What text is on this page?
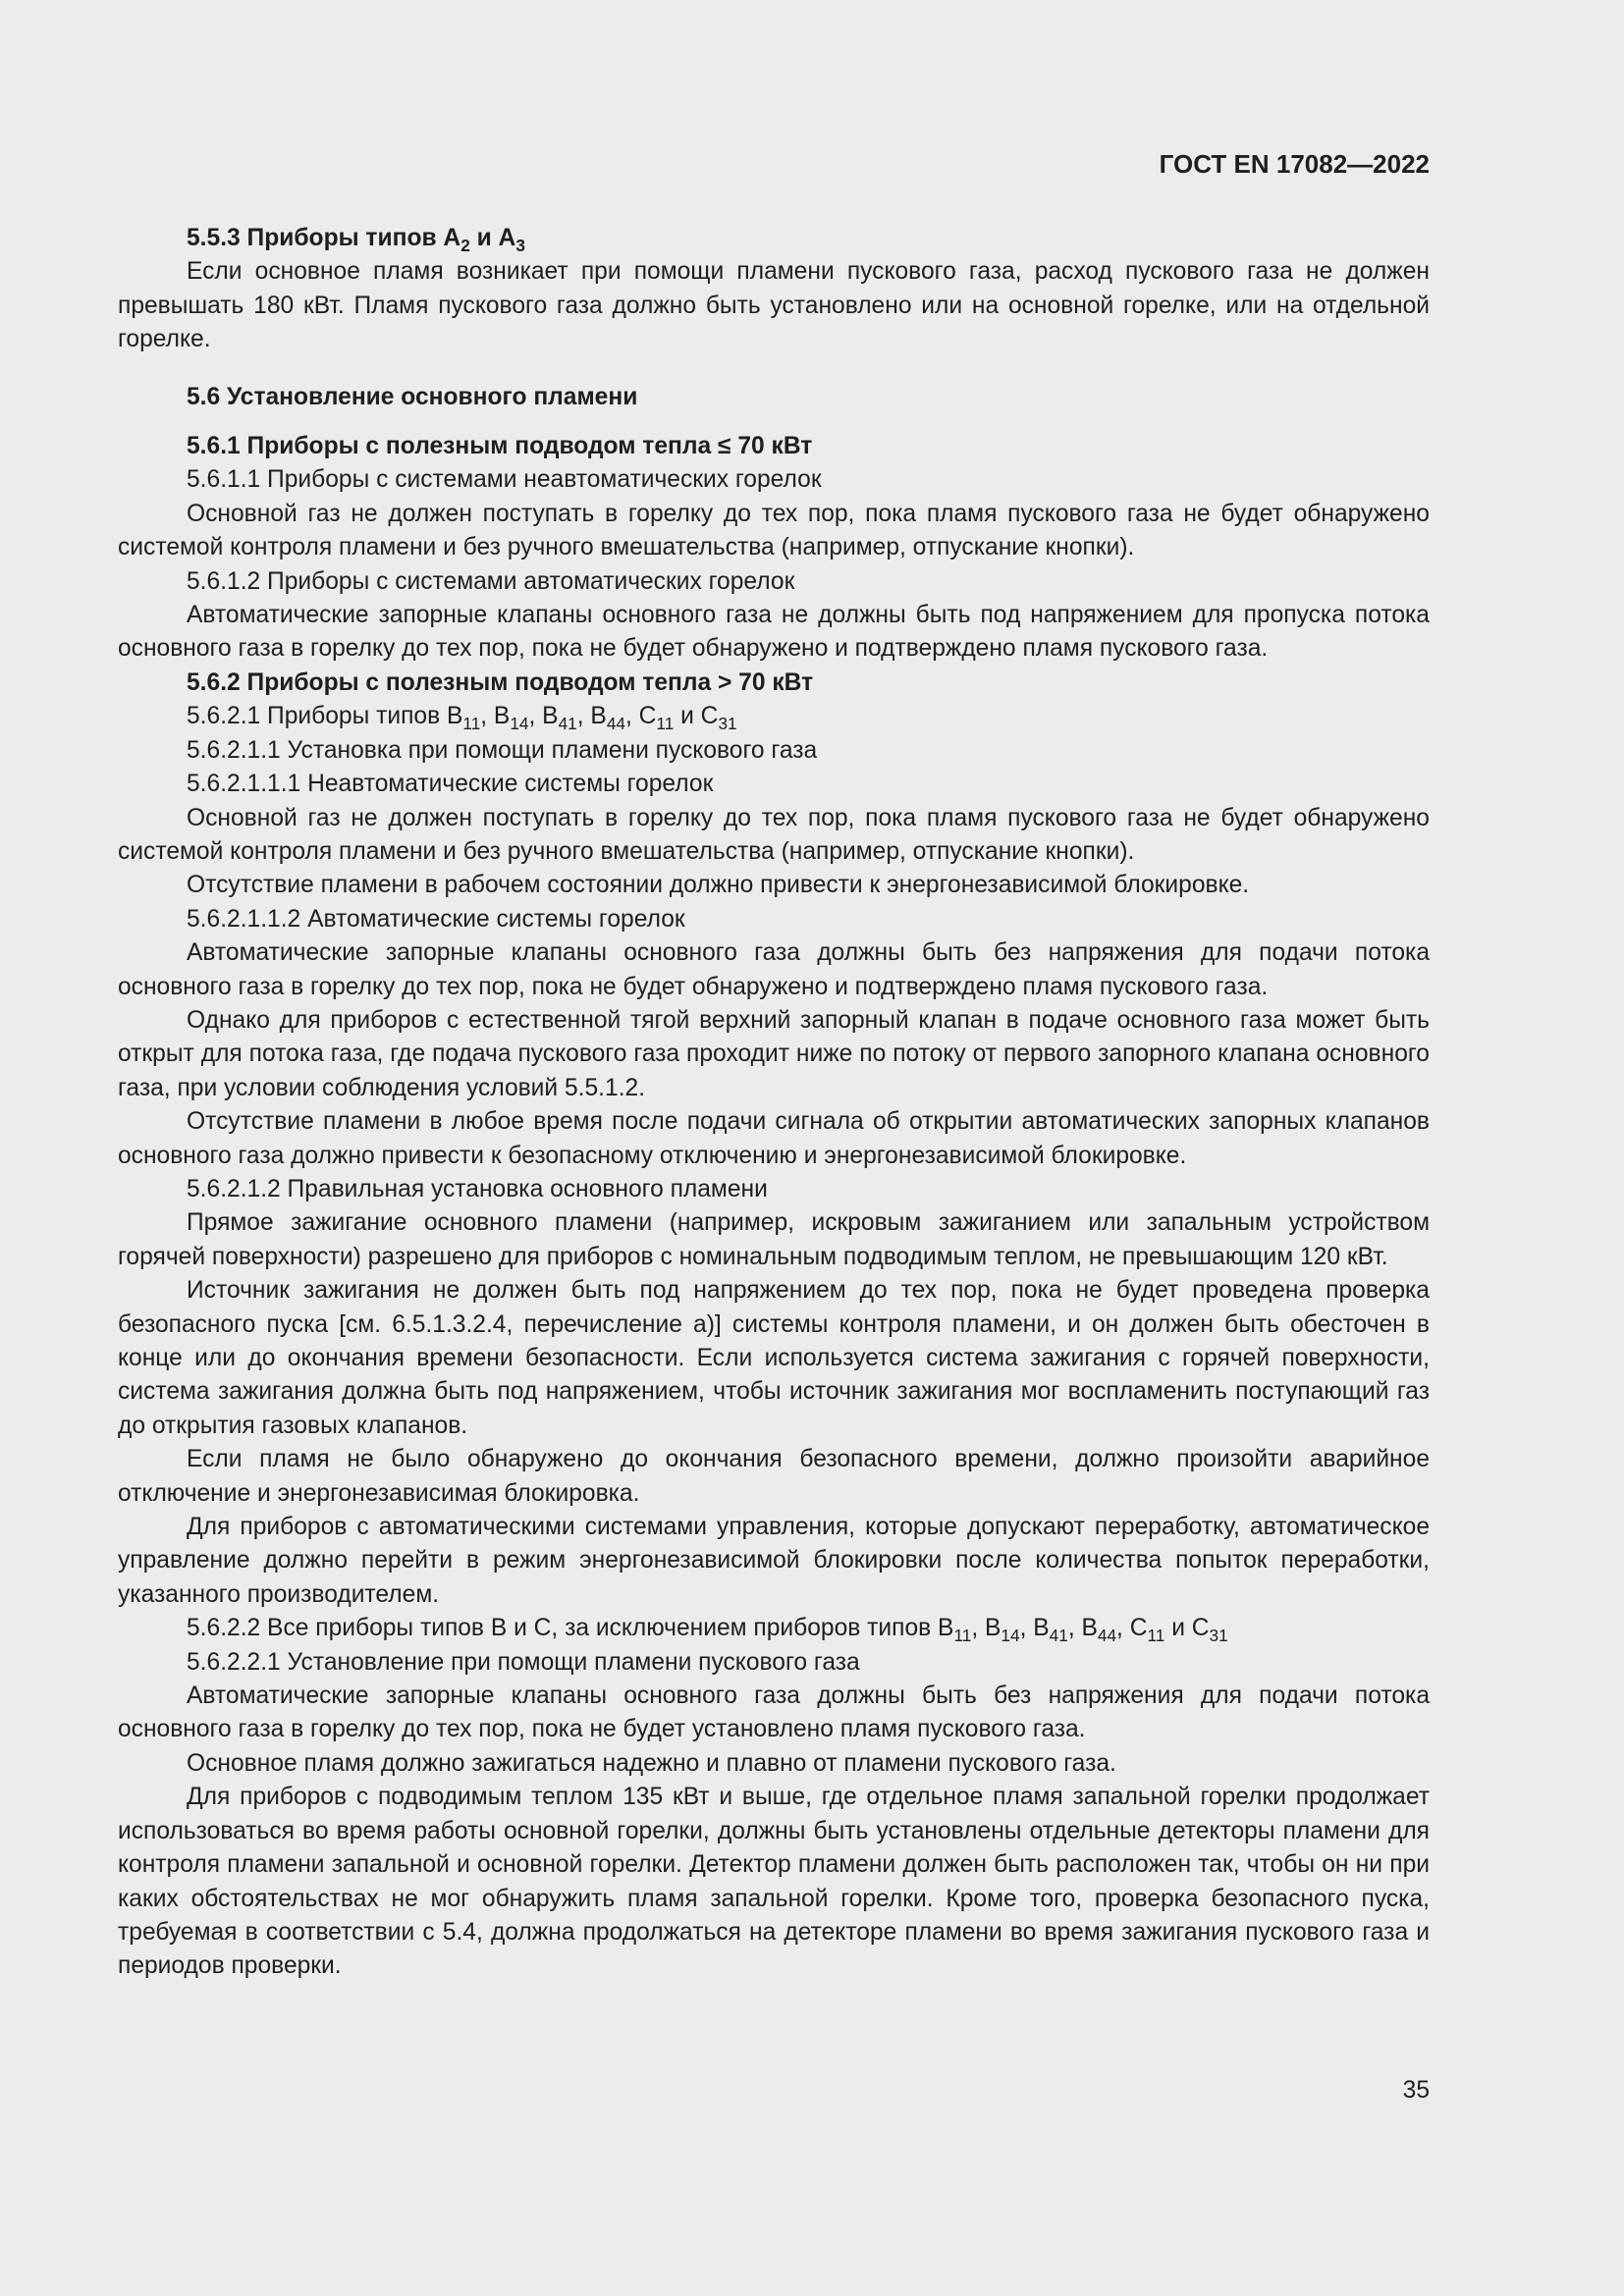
ГОСТ EN 17082—2022

5.5.3 Приборы типов $A_2$ и $A_3$

Если основное пламя возникает при помощи пламени пускового газа, расход пускового газа не должен превышать 180 кВт. Пламя пускового газа должно быть установлено или на основной горелке, или на отдельной горелке.

5.6 Установление основного пламени

5.6.1 Приборы с полезным подводом тепла ≤ 70 кВт

5.6.1.1 Приборы с системами неавтоматических горелок

Основной газ не должен поступать в горелку до тех пор, пока пламя пускового газа не будет обнаружено системой контроля пламени и без ручного вмешательства (например, отпускание кнопки).

5.6.1.2 Приборы с системами автоматических горелок

Автоматические запорные клапаны основного газа не должны быть под напряжением для пропуска потока основного газа в горелку до тех пор, пока не будет обнаружено и подтверждено пламя пускового газа.

5.6.2 Приборы с полезным подводом тепла > 70 кВт

5.6.2.1 Приборы типов $B_{11}$, $B_{14}$, $B_{41}$, $B_{44}$, $C_{11}$ и $C_{31}$

5.6.2.1.1 Установка при помощи пламени пускового газа

5.6.2.1.1.1 Неавтоматические системы горелок

Основной газ не должен поступать в горелку до тех пор, пока пламя пускового газа не будет обнаружено системой контроля пламени и без ручного вмешательства (например, отпускание кнопки).

Отсутствие пламени в рабочем состоянии должно привести к энергонезависимой блокировке.

5.6.2.1.1.2 Автоматические системы горелок

Автоматические запорные клапаны основного газа должны быть без напряжения для подачи потока основного газа в горелку до тех пор, пока не будет обнаружено и подтверждено пламя пускового газа.

Однако для приборов с естественной тягой верхний запорный клапан в подаче основного газа может быть открыт для потока газа, где подача пускового газа проходит ниже по потоку от первого запорного клапана основного газа, при условии соблюдения условий 5.5.1.2.

Отсутствие пламени в любое время после подачи сигнала об открытии автоматических запорных клапанов основного газа должно привести к безопасному отключению и энергонезависимой блокировке.

5.6.2.1.2 Правильная установка основного пламени

Прямое зажигание основного пламени (например, искровым зажиганием или запальным устройством горячей поверхности) разрешено для приборов с номинальным подводимым теплом, не превышающим 120 кВт.

Источник зажигания не должен быть под напряжением до тех пор, пока не будет проведена проверка безопасного пуска [см. 6.5.1.3.2.4, перечисление a)] системы контроля пламени, и он должен быть обесточен в конце или до окончания времени безопасности. Если используется система зажигания с горячей поверхности, система зажигания должна быть под напряжением, чтобы источник зажигания мог воспламенить поступающий газ до открытия газовых клапанов.

Если пламя не было обнаружено до окончания безопасного времени, должно произойти аварийное отключение и энергонезависимая блокировка.

Для приборов с автоматическими системами управления, которые допускают переработку, автоматическое управление должно перейти в режим энергонезависимой блокировки после количества попыток переработки, указанного производителем.

5.6.2.2 Все приборы типов B и C, за исключением приборов типов $B_{11}$, $B_{14}$, $B_{41}$, $B_{44}$, $C_{11}$ и $C_{31}$

5.6.2.2.1 Установление при помощи пламени пускового газа

Автоматические запорные клапаны основного газа должны быть без напряжения для подачи потока основного газа в горелку до тех пор, пока не будет установлено пламя пускового газа.

Основное пламя должно зажигаться надежно и плавно от пламени пускового газа.

Для приборов с подводимым теплом 135 кВт и выше, где отдельное пламя запальной горелки продолжает использоваться во время работы основной горелки, должны быть установлены отдельные детекторы пламени для контроля пламени запальной и основной горелки. Детектор пламени должен быть расположен так, чтобы он ни при каких обстоятельствах не мог обнаружить пламя запальной горелки. Кроме того, проверка безопасного пуска, требуемая в соответствии с 5.4, должна продолжаться на детекторе пламени во время зажигания пускового газа и периодов проверки.

35
